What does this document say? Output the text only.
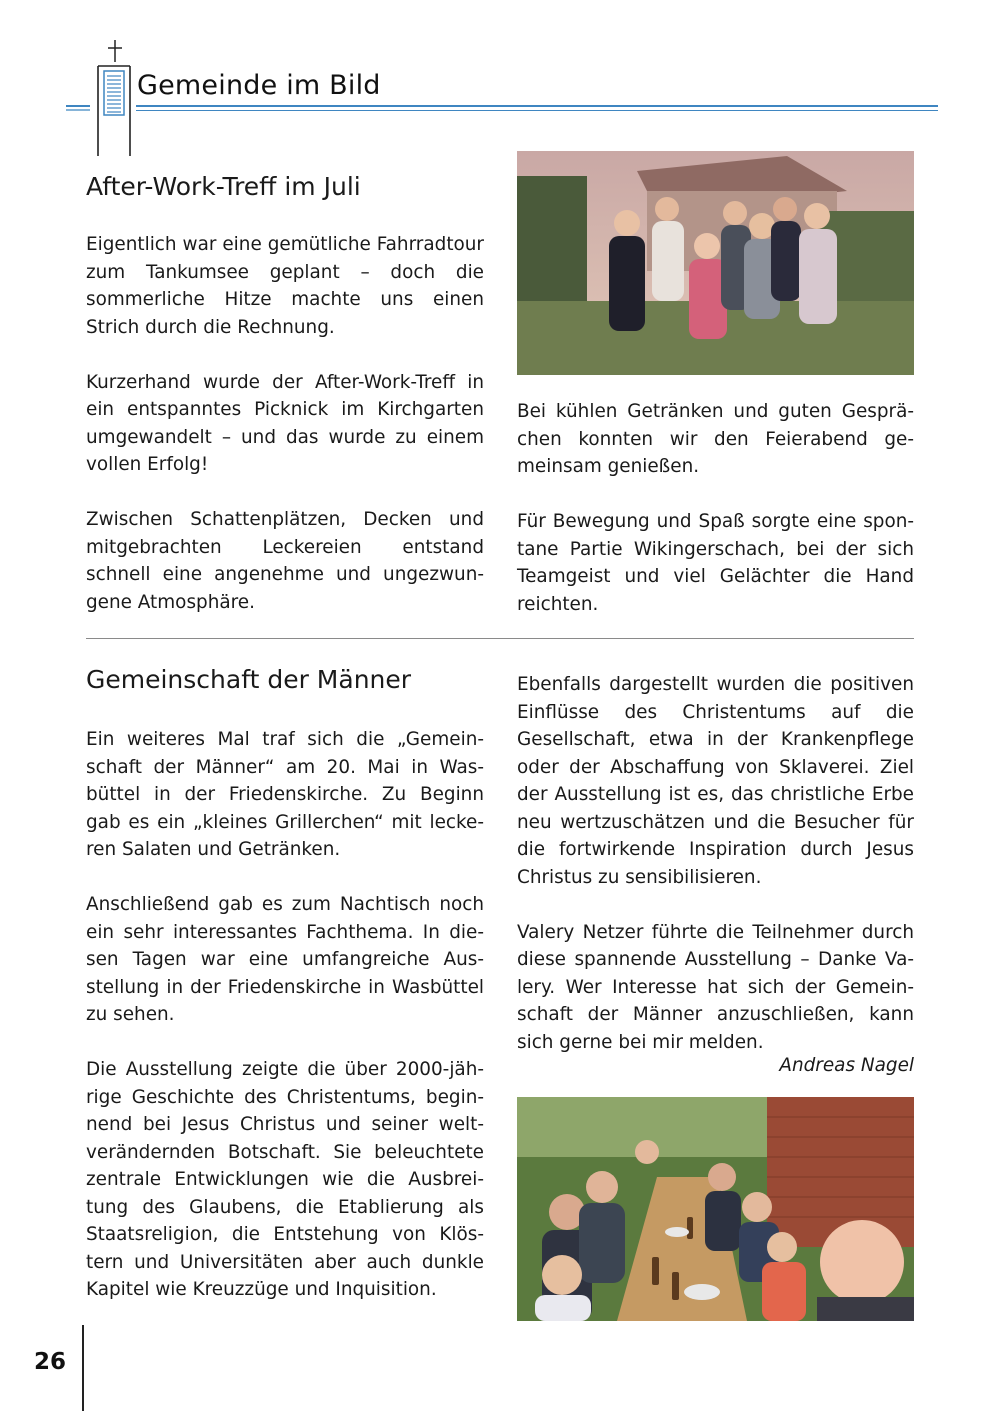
Gemeinde im Bild
After-Work-Treff im Juli

Eigentlich war eine gemütliche Fahrradtour zum Tankumsee geplant – doch die sommerliche Hitze machte uns einen Strich durch die Rechnung.

Kurzerhand wurde der After-Work-Treff in ein entspanntes Picknick im Kirchgarten umgewandelt – und das wurde zu einem vollen Erfolg!

Zwischen Schattenplätzen, Decken und mitgebrachten Leckereien entstand schnell eine angenehme und ungezwungene Atmosphäre.

Bei kühlen Getränken und guten Gesprächen konnten wir den Feierabend gemeinsam genießen.

Für Bewegung und Spaß sorgte eine spontane Partie Wikingerschach, bei der sich Teamgeist und viel Gelächter die Hand reichten.

Gemeinschaft der Männer

Ein weiteres Mal traf sich die „Gemeinschaft der Männer“ am 20. Mai in Wasbüttel in der Friedenskirche. Zu Beginn gab es ein „kleines Grillerchen“ mit leckeren Salaten und Getränken.

Anschließend gab es zum Nachtisch noch ein sehr interessantes Fachthema. In diesen Tagen war eine umfangreiche Ausstellung in der Friedenskirche in Wasbüttel zu sehen.

Die Ausstellung zeigte die über 2000-jährige Geschichte des Christentums, beginnend bei Jesus Christus und seiner weltverändernden Botschaft. Sie beleuchtete zentrale Entwicklungen wie die Ausbreitung des Glaubens, die Etablierung als Staatsreligion, die Entstehung von Klöstern und Universitäten aber auch dunkle Kapitel wie Kreuzzüge und Inquisition.

Ebenfalls dargestellt wurden die positiven Einflüsse des Christentums auf die Gesellschaft, etwa in der Krankenpflege oder der Abschaffung von Sklaverei. Ziel der Ausstellung ist es, das christliche Erbe neu wertzuschätzen und die Besucher für die fortwirkende Inspiration durch Jesus Christus zu sensibilisieren.

Valery Netzer führte die Teilnehmer durch diese spannende Ausstellung – Danke Valery. Wer Interesse hat sich der Gemeinschaft der Männer anzuschließen, kann sich gerne bei mir melden.

Andreas Nagel
26
